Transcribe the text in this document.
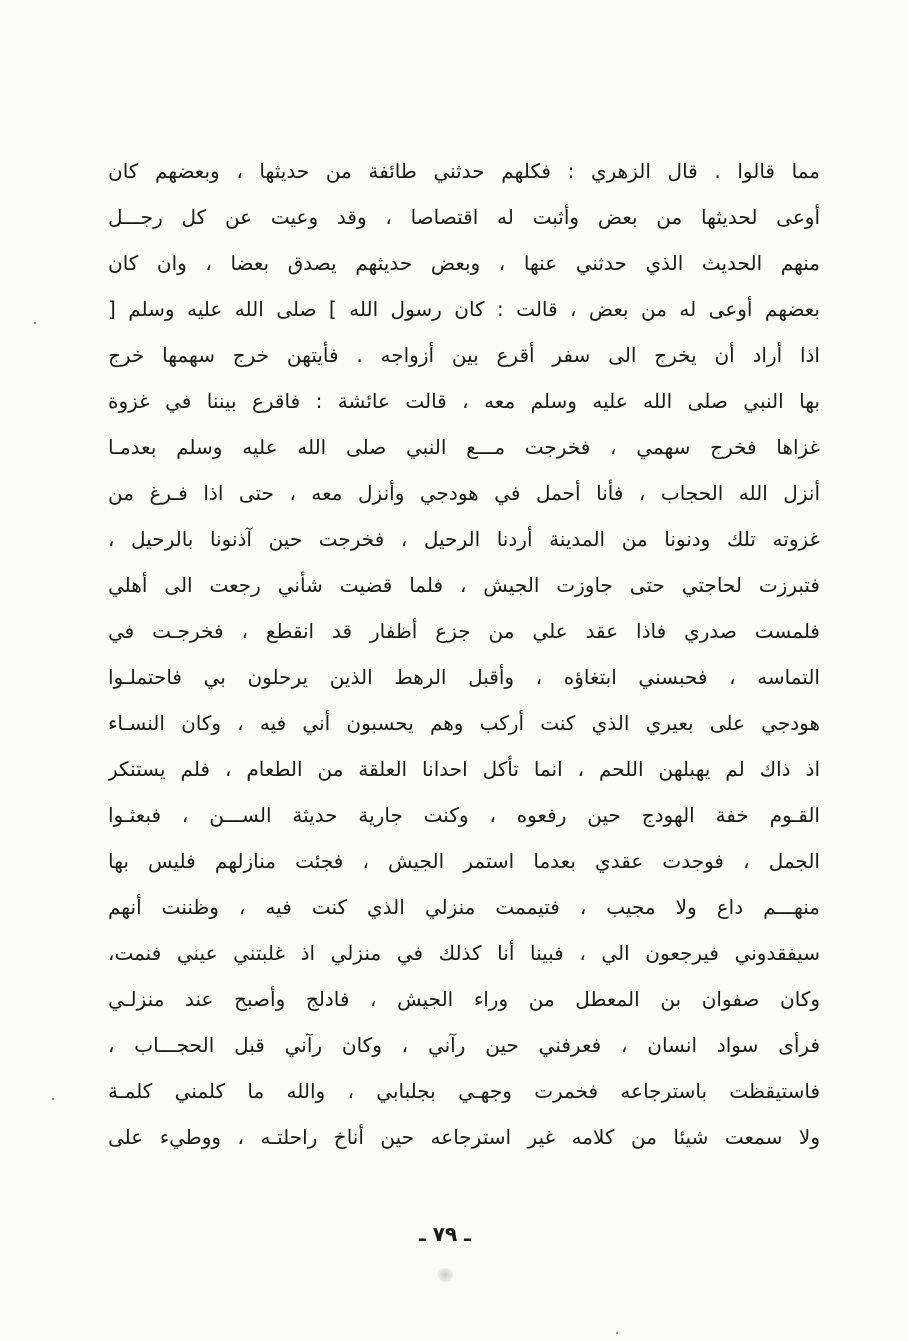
مما قالوا . قال الزهري : فكلهم حدثني طائفة من حديثها ، وبعضهم كان
أوعى لحديثها من بعض وأثبت له اقتصاصا ، وقد وعيت عن كل رجـــل
منهم الحديث الذي حدثني عنها ، وبعض حديثهم يصدق بعضا ، وان كان
بعضهم أوعى له من بعض ، قالت : كان رسول الله ] صلى الله عليه وسلم [
اذا أراد أن يخرج الى سفر أقرع بين أزواجه . فأيتهن خرج سهمها خرج
بها النبي صلى الله عليه وسلم معه ، قالت عائشة : فاقرع بيننا في غزوة
غزاها فخرج سهمي ، فخرجت مـــع النبي صلى الله عليه وسلم بعدمـا
أنزل الله الحجاب ، فأنا أحمل في هودجي وأنزل معه ، حتى اذا فـرغ من
غزوته تلك ودنونا من المدينة أردنا الرحيل ، فخرجت حين آذنونا بالرحيل ،
فتبرزت لحاجتي حتى جاوزت الجيش ، فلما قضيت شأني رجعت الى أهلي
فلمست صدري فاذا عقد علي من جزع أظفار قد انقطع ، فخرجـت في
التماسه ، فحبسني ابتغاؤه ، وأقبل الرهط الذين يرحلون بي فاحتملـوا
هودجي على بعيري الذي كنت أركب وهم يحسبون أني فيه ، وكان النسـاء
اذ ذاك لم يهبلهن اللحم ، انما تأكل احدانا العلقة من الطعام ، فلم يستنكر
القـوم خفة الهودج حين رفعوه ، وكنت جارية حديثة الســـن ، فبعثـوا
الجمل ، فوجدت عقدي بعدما استمر الجيش ، فجئت منازلهم فليس بها
منهـــم داع ولا مجيب ، فتيممت منزلي الذي كنت فيه ، وظننت أنهم
سيفقدوني فيرجعون الي ، فبينا أنا كذلك في منزلي اذ غلبتني عيني فنمت،
وكان صفوان بن المعطل من وراء الجيش ، فادلج وأصبح عند منزلـي
فرأى سواد انسان ، فعرفني حين رآني ، وكان رآني قبل الحجـــاب ،
فاستيقظت باسترجاعه فخمرت وجهـي بجلبابي ، والله ما كلمني كلمـة
ولا سمعت شيئا من كلامه غير استرجاعه حين أناخ راحلتـه ، ووطيء على
ـ ٧٩ ـ
